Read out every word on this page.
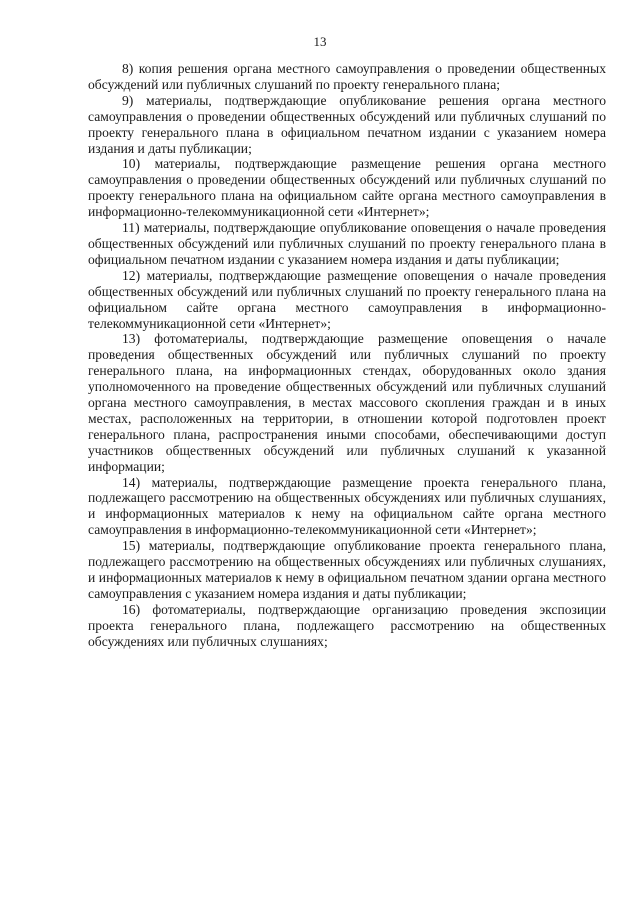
13

8) копия решения органа местного самоуправления о проведении общественных обсуждений или публичных слушаний по проекту генерального плана;

9) материалы, подтверждающие опубликование решения органа местного самоуправления о проведении общественных обсуждений или публичных слушаний по проекту генерального плана в официальном печатном издании с указанием номера издания и даты публикации;

10) материалы, подтверждающие размещение решения органа местного самоуправления о проведении общественных обсуждений или публичных слушаний по проекту генерального плана на официальном сайте органа местного самоуправления в информационно-телекоммуникационной сети «Интернет»;

11) материалы, подтверждающие опубликование оповещения о начале проведения общественных обсуждений или публичных слушаний по проекту генерального плана в официальном печатном издании с указанием номера издания и даты публикации;

12) материалы, подтверждающие размещение оповещения о начале проведения общественных обсуждений или публичных слушаний по проекту генерального плана на официальном сайте органа местного самоуправления в информационно-телекоммуникационной сети «Интернет»;

13) фотоматериалы, подтверждающие размещение оповещения о начале проведения общественных обсуждений или публичных слушаний по проекту генерального плана, на информационных стендах, оборудованных около здания уполномоченного на проведение общественных обсуждений или публичных слушаний органа местного самоуправления, в местах массового скопления граждан и в иных местах, расположенных на территории, в отношении которой подготовлен проект генерального плана, распространения иными способами, обеспечивающими доступ участников общественных обсуждений или публичных слушаний к указанной информации;

14) материалы, подтверждающие размещение проекта генерального плана, подлежащего рассмотрению на общественных обсуждениях или публичных слушаниях, и информационных материалов к нему на официальном сайте органа местного самоуправления в информационно-телекоммуникационной сети «Интернет»;

15) материалы, подтверждающие опубликование проекта генерального плана, подлежащего рассмотрению на общественных обсуждениях или публичных слушаниях, и информационных материалов к нему в официальном печатном здании органа местного самоуправления с указанием номера издания и даты публикации;

16) фотоматериалы, подтверждающие организацию проведения экспозиции проекта генерального плана, подлежащего рассмотрению на общественных обсуждениях или публичных слушаниях;
